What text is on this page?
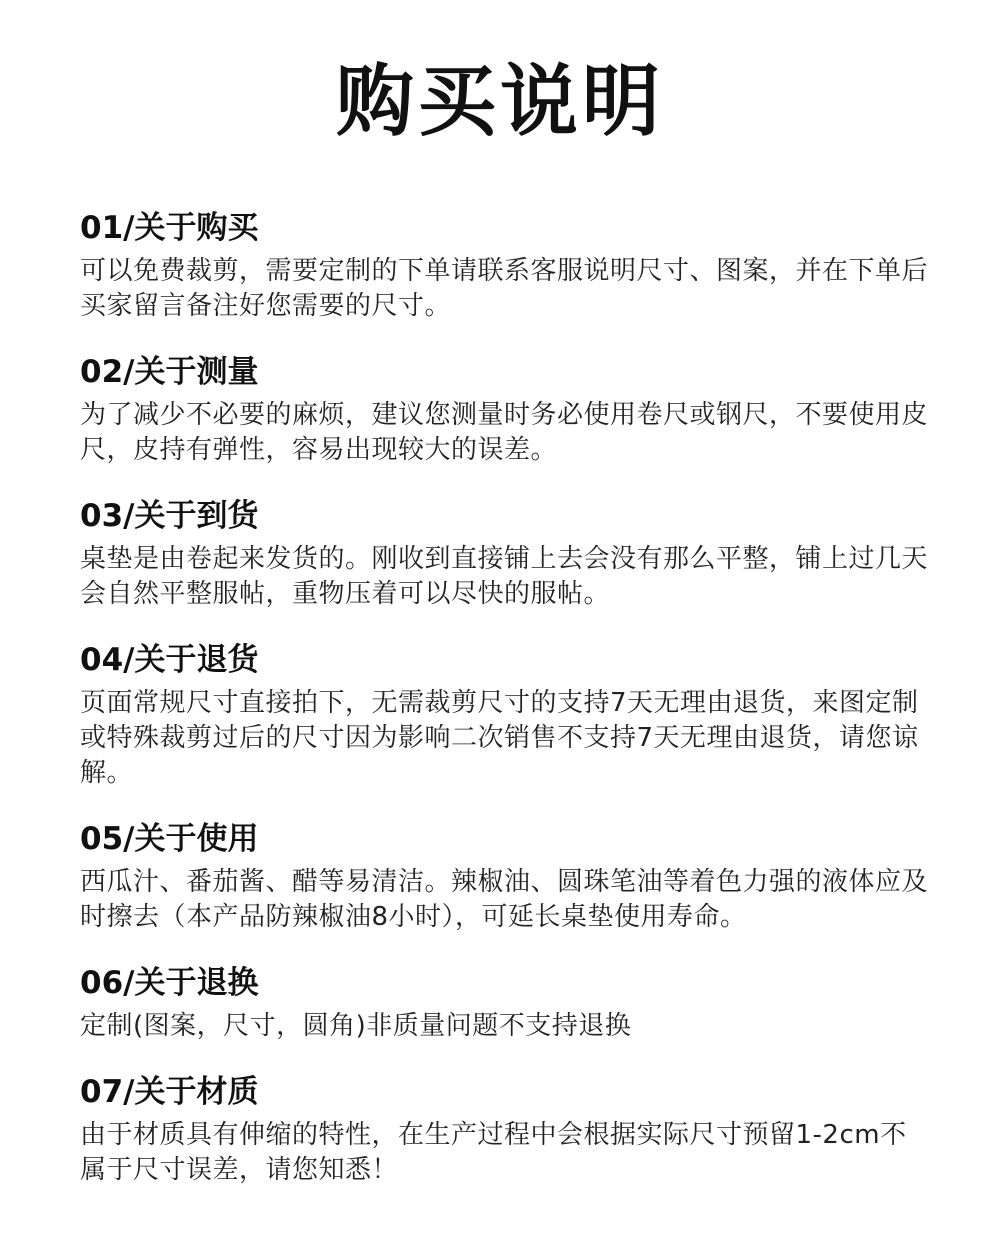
购买说明
01/关于购买

可以免费裁剪，需要定制的下单请联系客服说明尺寸、图案，并在下单后买家留言备注好您需要的尺寸。

02/关于测量

为了减少不必要的麻烦，建议您测量时务必使用卷尺或钢尺，不要使用皮尺，皮持有弹性，容易出现较大的误差。

03/关于到货

桌垫是由卷起来发货的。刚收到直接铺上去会没有那么平整，铺上过几天会自然平整服帖，重物压着可以尽快的服帖。

04/关于退货

页面常规尺寸直接拍下，无需裁剪尺寸的支持7天无理由退货，来图定制或特殊裁剪过后的尺寸因为影响二次销售不支持7天无理由退货，请您谅解。

05/关于使用

西瓜汁、番茄酱、醋等易清洁。辣椒油、圆珠笔油等着色力强的液体应及时擦去（本产品防辣椒油8小时），可延长桌垫使用寿命。

06/关于退换

定制(图案，尺寸，圆角)非质量问题不支持退换

07/关于材质

由于材质具有伸缩的特性，在生产过程中会根据实际尺寸预留1-2cm不属于尺寸误差，请您知悉！
